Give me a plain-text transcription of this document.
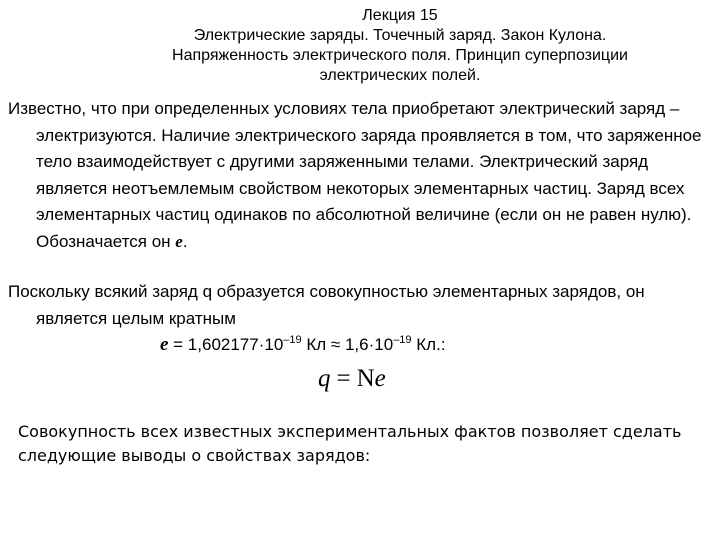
Лекция 15
Электрические заряды. Точечный заряд. Закон Кулона.
Напряженность электрического поля. Принцип суперпозиции
электрических полей.
Известно, что при определенных условиях тела приобретают электрический заряд – электризуются. Наличие электрического заряда проявляется в том, что заряженное тело взаимодействует с другими заряженными телами. Электрический заряд является неотъемлемым свойством некоторых элементарных частиц. Заряд всех элементарных частиц одинаков по абсолютной величине (если он не равен нулю). Обозначается он e.
Поскольку всякий заряд q образуется совокупностью элементарных зарядов, он является целым кратным
$e = 1,602177\cdot 10^{-19}$ Кл ≈ $1,6\cdot 10^{-19}$ Кл.:
q = Ne
Совокупность всех известных экспериментальных фактов позволяет сделать следующие выводы о свойствах зарядов:
